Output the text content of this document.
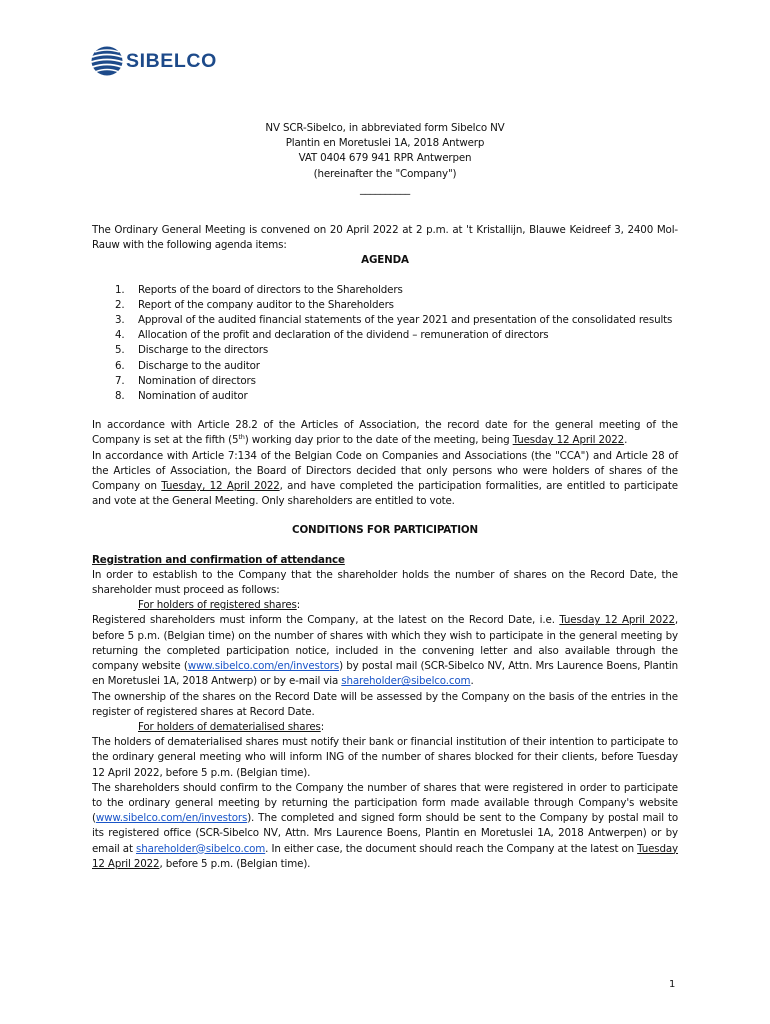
SIBELCO

NV SCR-Sibelco, in abbreviated form Sibelco NV

Plantin en Moretuslei 1A, 2018 Antwerp

VAT 0404 679 941 RPR Antwerpen

(hereinafter the "Company")

__________

The Ordinary General Meeting is convened on 20 April 2022 at 2 p.m. at 't Kristallijn, Blauwe Keidreef 3, 2400 Mol-Rauw with the following agenda items:

AGENDA

1. Reports of the board of directors to the Shareholders
2. Report of the company auditor to the Shareholders
3. Approval of the audited financial statements of the year 2021 and presentation of the consolidated results
4. Allocation of the profit and declaration of the dividend – remuneration of directors
5. Discharge to the directors
6. Discharge to the auditor
7. Nomination of directors
8. Nomination of auditor

In accordance with Article 28.2 of the Articles of Association, the record date for the general meeting of the Company is set at the fifth (5th) working day prior to the date of the meeting, being Tuesday 12 April 2022.

In accordance with Article 7:134 of the Belgian Code on Companies and Associations (the "CCA") and Article 28 of the Articles of Association, the Board of Directors decided that only persons who were holders of shares of the Company on Tuesday, 12 April 2022, and have completed the participation formalities, are entitled to participate and vote at the General Meeting. Only shareholders are entitled to vote.

CONDITIONS FOR PARTICIPATION

Registration and confirmation of attendance

In order to establish to the Company that the shareholder holds the number of shares on the Record Date, the shareholder must proceed as follows:

For holders of registered shares:

Registered shareholders must inform the Company, at the latest on the Record Date, i.e. Tuesday 12 April 2022, before 5 p.m. (Belgian time) on the number of shares with which they wish to participate in the general meeting by returning the completed participation notice, included in the convening letter and also available through the company website (www.sibelco.com/en/investors) by postal mail (SCR-Sibelco NV, Attn. Mrs Laurence Boens, Plantin en Moretuslei 1A, 2018 Antwerp) or by e-mail via shareholder@sibelco.com.

The ownership of the shares on the Record Date will be assessed by the Company on the basis of the entries in the register of registered shares at Record Date.

For holders of dematerialised shares:

The holders of dematerialised shares must notify their bank or financial institution of their intention to participate to the ordinary general meeting who will inform ING of the number of shares blocked for their clients, before Tuesday 12 April 2022, before 5 p.m. (Belgian time).

The shareholders should confirm to the Company the number of shares that were registered in order to participate to the ordinary general meeting by returning the participation form made available through Company's website (www.sibelco.com/en/investors). The completed and signed form should be sent to the Company by postal mail to its registered office (SCR-Sibelco NV, Attn. Mrs Laurence Boens, Plantin en Moretuslei 1A, 2018 Antwerpen) or by email at shareholder@sibelco.com. In either case, the document should reach the Company at the latest on Tuesday 12 April 2022, before 5 p.m. (Belgian time).

1
